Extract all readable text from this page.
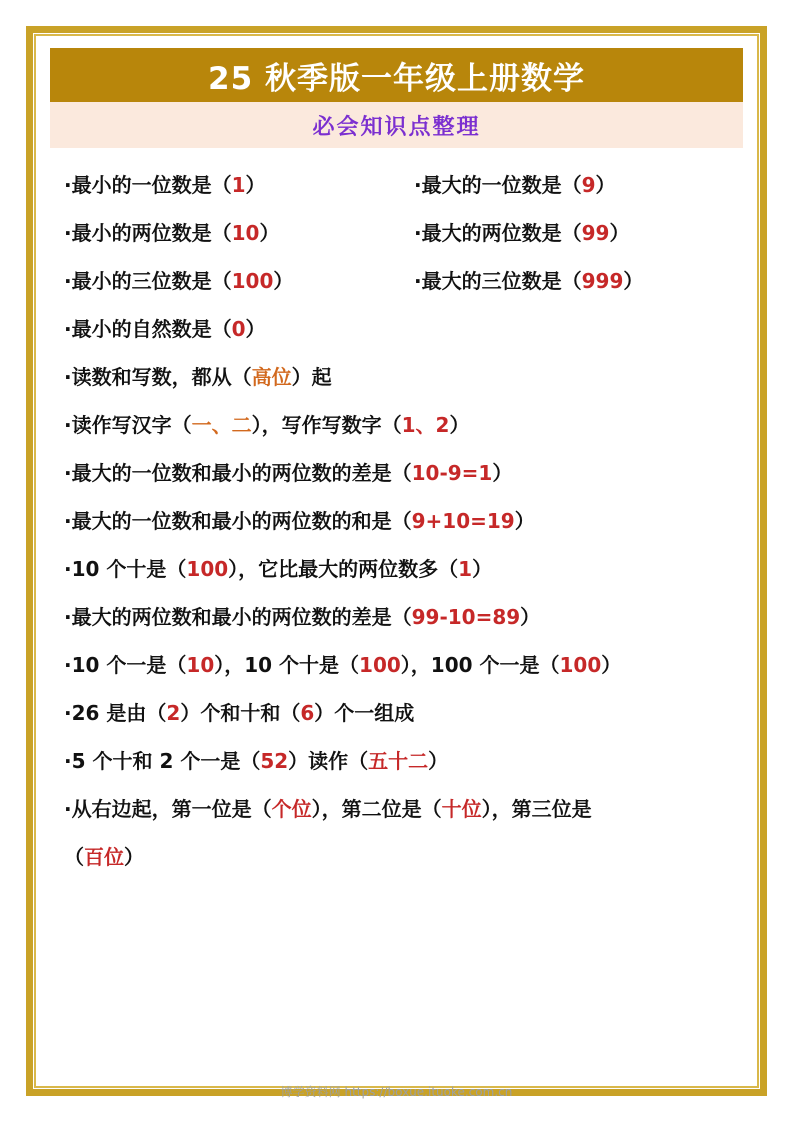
25 秋季版一年级上册数学
必会知识点整理
·最小的一位数是（1）	·最大的一位数是（9）
·最小的两位数是（10）	·最大的两位数是（99）
·最小的三位数是（100）	·最大的三位数是（999）
·最小的自然数是（0）
·读数和写数，都从（高位）起
·读作写汉字（一、二），写作写数字（1、2）
·最大的一位数和最小的两位数的差是（10-9=1）
·最大的一位数和最小的两位数的和是（9+10=19）
·10 个十是（100），它比最大的两位数多（1）
·最大的两位数和最小的两位数的差是（99-10=89）
·10 个一是（10），10 个十是（100），100 个一是（100）
·26 是由（2）个和十和（6）个一组成
·5 个十和 2 个一是（52）读作（五十二）
·从右边起，第一位是（个位），第二位是（十位），第三位是
（百位）
博学资料网 https://boxue.ituoke.com.cn
